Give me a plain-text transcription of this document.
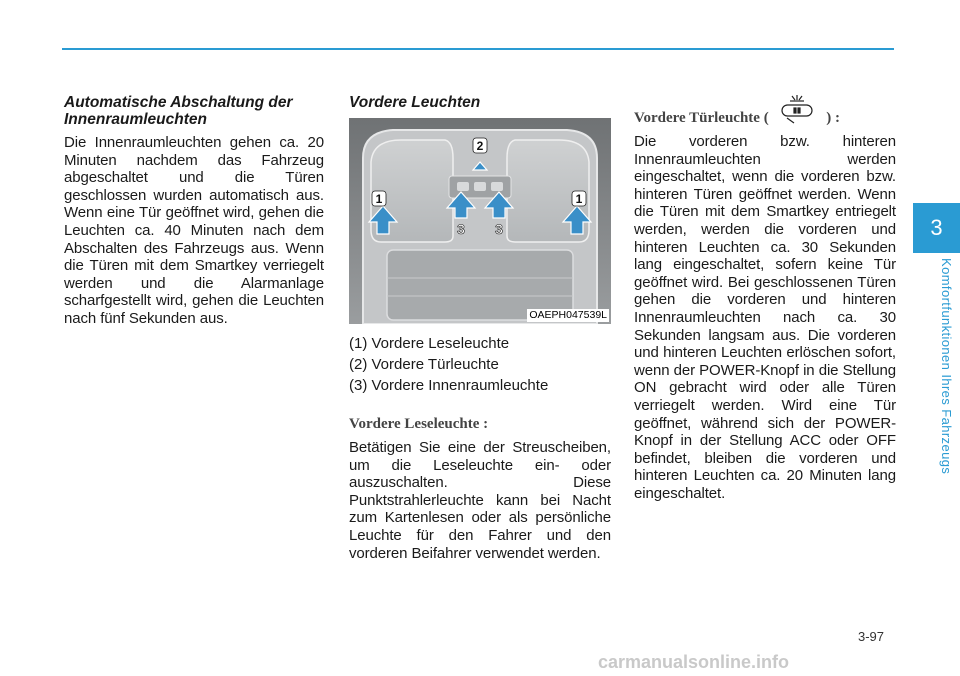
Automatische Abschaltung der Innenraumleuchten

Die Innenraumleuchten gehen ca. 20 Minuten nachdem das Fahrzeug abgeschaltet und die Türen geschlossen wurden automatisch aus. Wenn eine Tür geöffnet wird, gehen die Leuchten ca. 40 Minuten nach dem Abschalten des Fahrzeugs aus. Wenn die Türen mit dem Smartkey verriegelt werden und die Alarmanlage scharfgestellt wird, gehen die Leuchten nach fünf Sekunden aus.

Vordere Leuchten
1
2
3 3
1
OAEPH047539L
(1) Vordere Leseleuchte
(2) Vordere Türleuchte
(3) Vordere Innenraumleuchte
Vordere Leseleuchte :

Betätigen Sie eine der Streuscheiben, um die Leseleuchte ein- oder auszuschalten. Diese Punktstrahlerleuchte kann bei Nacht zum Kartenlesen oder als persönliche Leuchte für den Fahrer und den vorderen Beifahrer verwendet werden.

Vordere Türleuchte (	) :

Die vorderen bzw. hinteren Innenraumleuchten werden eingeschaltet, wenn die vorderen bzw. hinteren Türen geöffnet werden. Wenn die Türen mit dem Smartkey entriegelt werden, werden die vorderen und hinteren Leuchten ca. 30 Sekunden lang eingeschaltet, sofern keine Tür geöffnet wird. Bei geschlossenen Türen gehen die vorderen und hinteren Innenraumleuchten nach ca. 30 Sekunden langsam aus. Die vorderen und hinteren Leuchten erlöschen sofort, wenn der POWER-Knopf in die Stellung ON gebracht wird oder alle Türen verriegelt werden. Wird eine Tür geöffnet, während sich der POWER-Knopf in der Stellung ACC oder OFF befindet, bleiben die vorderen und hinteren Leuchten ca. 20 Minuten lang eingeschaltet.

3
Komfortfunktionen Ihres Fahrzeugs
3-97
carmanualsonline.info
